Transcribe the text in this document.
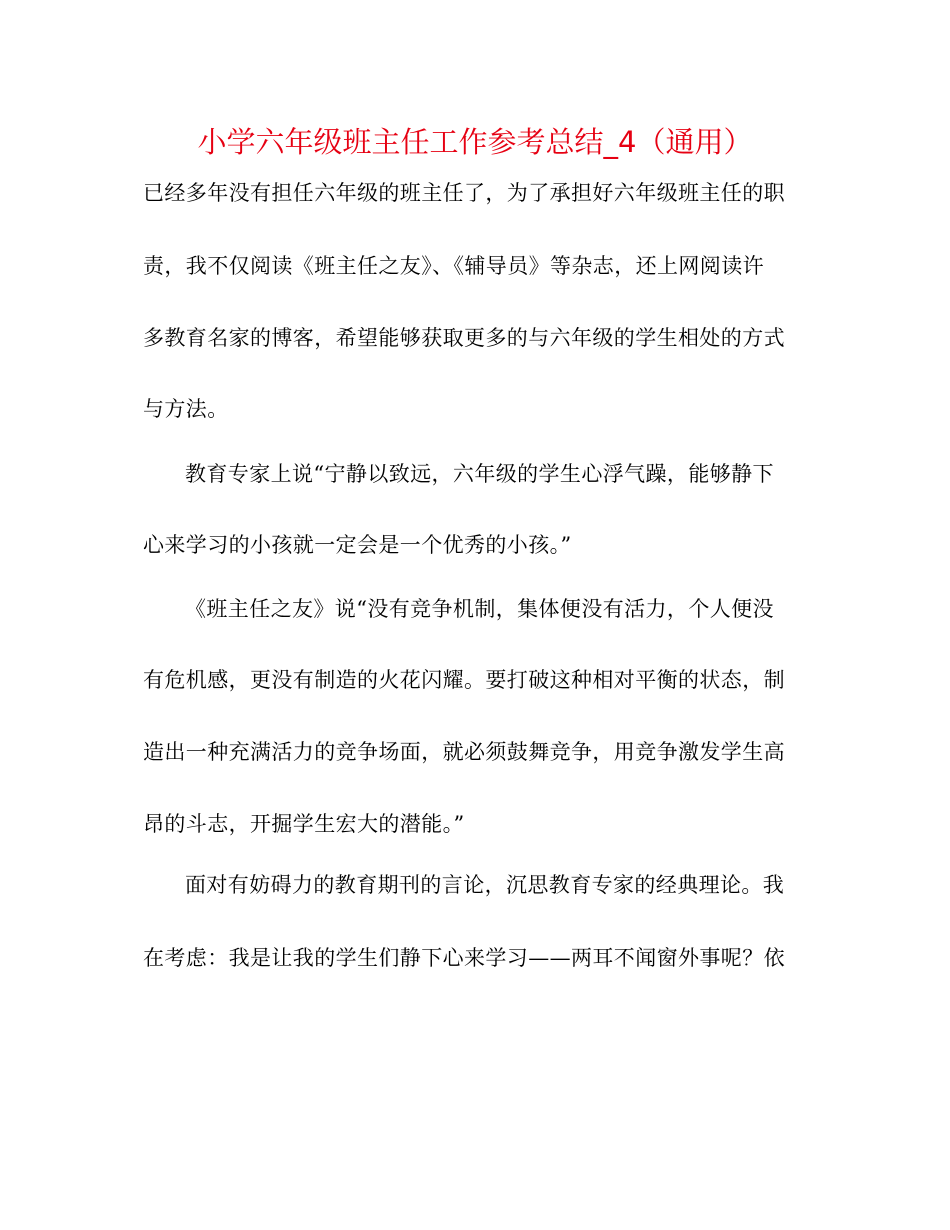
小学六年级班主任工作参考总结_4（通用）
已经多年没有担任六年级的班主任了，为了承担好六年级班主任的职
责，我不仅阅读《班主任之友》、《辅导员》等杂志，还上网阅读许
多教育名家的博客，希望能够获取更多的与六年级的学生相处的方式
与方法。
教育专家上说“宁静以致远，六年级的学生心浮气躁，能够静下
心来学习的小孩就一定会是一个优秀的小孩。”
《班主任之友》说“没有竞争机制，集体便没有活力，个人便没
有危机感，更没有制造的火花闪耀。要打破这种相对平衡的状态，制
造出一种充满活力的竞争场面，就必须鼓舞竞争，用竞争激发学生高
昂的斗志，开掘学生宏大的潜能。”
面对有妨碍力的教育期刊的言论，沉思教育专家的经典理论。我
在考虑：我是让我的学生们静下心来学习——两耳不闻窗外事呢？依
